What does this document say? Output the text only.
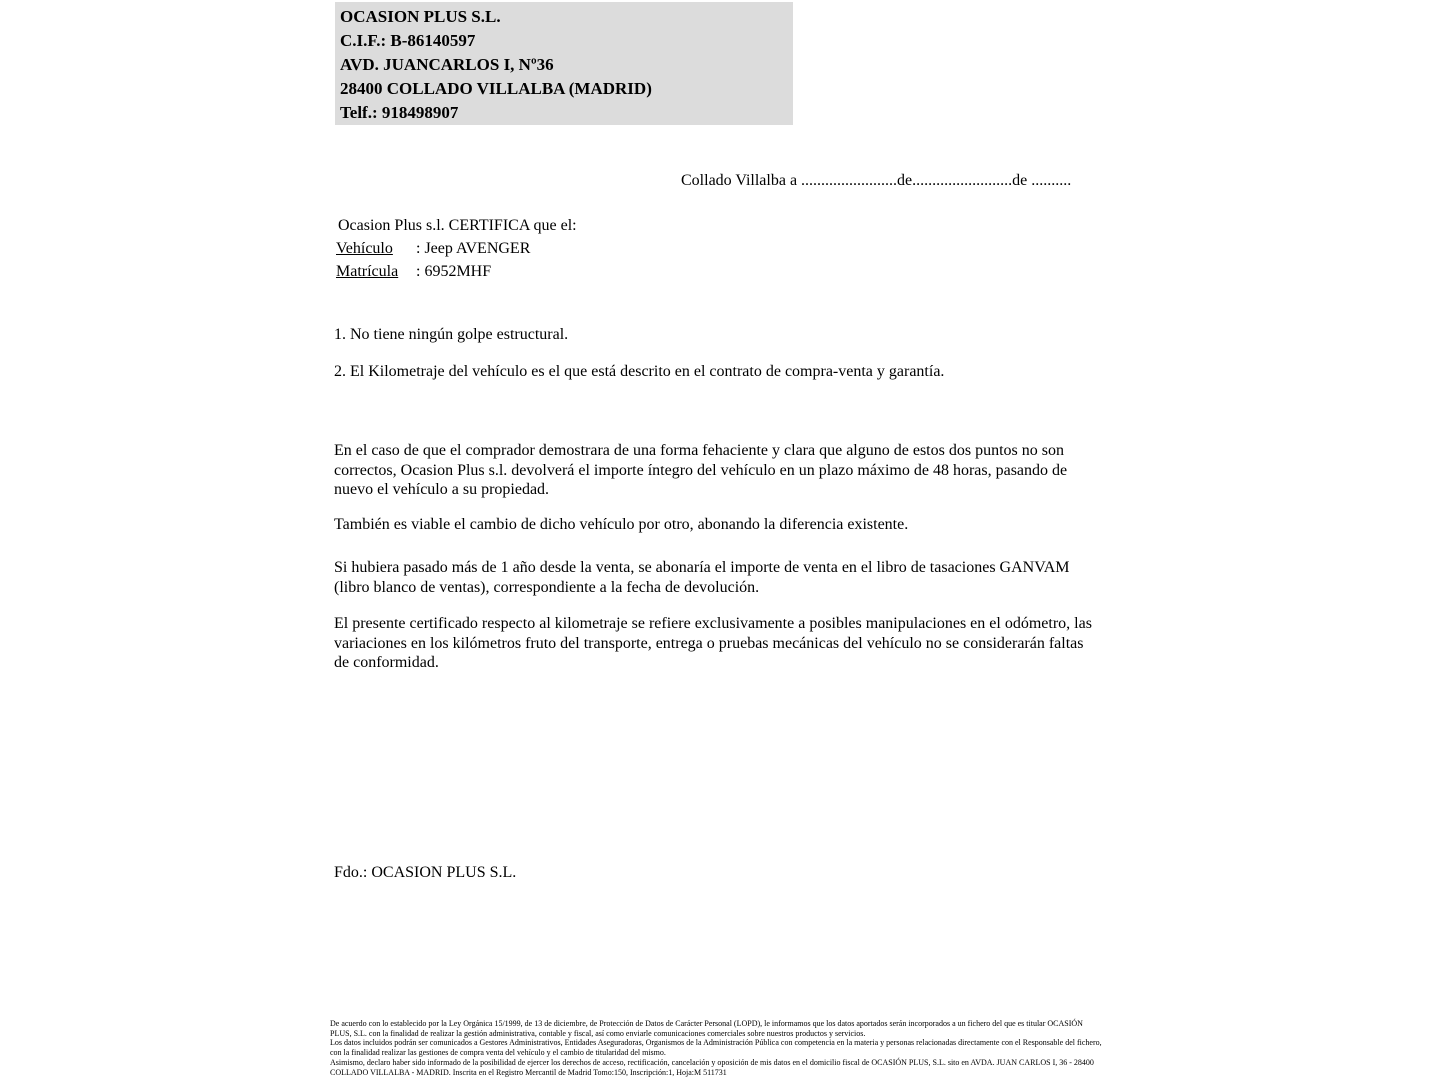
OCASION PLUS S.L.
C.I.F.: B-86140597
AVD. JUANCARLOS I, Nº36
28400 COLLADO VILLALBA (MADRID)
Telf.: 918498907
Collado Villalba a ........................de.........................de ..........
Ocasion Plus s.l. CERTIFICA que el:
Vehículo : Jeep AVENGER
Matrícula : 6952MHF
1. No tiene ningún golpe estructural.
2. El Kilometraje del vehículo es el que está descrito en el contrato de compra-venta y garantía.
En el caso de que el comprador demostrara de una forma fehaciente y clara que alguno de estos dos puntos no son correctos, Ocasion Plus s.l. devolverá el importe íntegro del vehículo en un plazo máximo de 48 horas, pasando de nuevo el vehículo a su propiedad.
También es viable el cambio de dicho vehículo por otro, abonando la diferencia existente.
Si hubiera pasado más de 1 año desde la venta, se abonaría el importe de venta en el libro de tasaciones GANVAM (libro blanco de ventas), correspondiente a la fecha de devolución.
El presente certificado respecto al kilometraje se refiere exclusivamente a posibles manipulaciones en el odómetro, las variaciones en los kilómetros fruto del transporte, entrega o pruebas mecánicas del vehículo no se considerarán faltas de conformidad.
Fdo.: OCASION PLUS S.L.

De acuerdo con lo establecido por la Ley Orgánica 15/1999, de 13 de diciembre, de Protección de Datos de Carácter Personal (LOPD), le informamos que los datos aportados serán incorporados a un fichero del que es titular OCASIÓN PLUS, S.L. con la finalidad de realizar la gestión administrativa, contable y fiscal, así como enviarle comunicaciones comerciales sobre nuestros productos y servicios.

Los datos incluidos podrán ser comunicados a Gestores Administrativos, Entidades Aseguradoras, Organismos de la Administración Pública con competencia en la materia y personas relacionadas directamente con el Responsable del fichero, con la finalidad realizar las gestiones de compra venta del vehículo y el cambio de titularidad del mismo.

Asimismo, declaro haber sido informado de la posibilidad de ejercer los derechos de acceso, rectificación, cancelación y oposición de mis datos en el domicilio fiscal de OCASIÓN PLUS, S.L. sito en AVDA. JUAN CARLOS I, 36 - 28400 COLLADO VILLALBA - MADRID. Inscrita en el Registro Mercantil de Madrid Tomo:150, Inscripción:1, Hoja:M 511731
